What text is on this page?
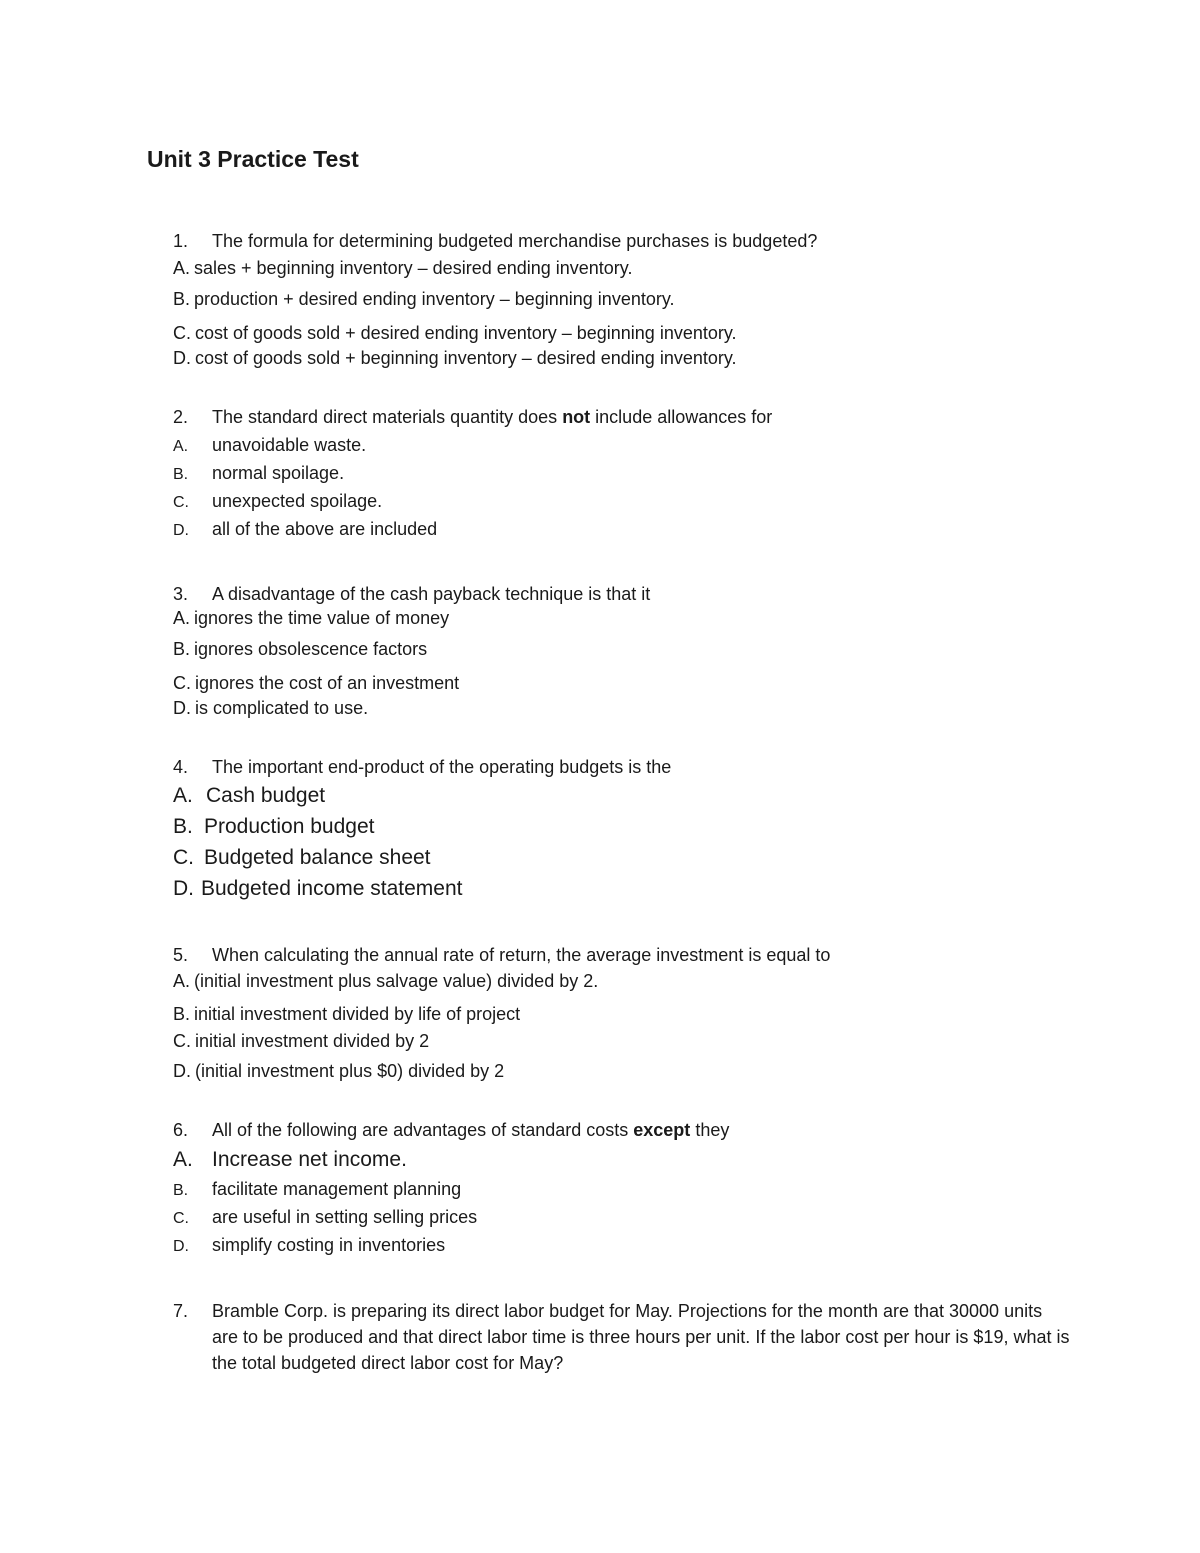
Unit 3 Practice Test
1. The formula for determining budgeted merchandise purchases is budgeted?
A. sales + beginning inventory – desired ending inventory.
B. production + desired ending inventory – beginning inventory.
C. cost of goods sold + desired ending inventory – beginning inventory.
D. cost of goods sold + beginning inventory – desired ending inventory.
2. The standard direct materials quantity does not include allowances for
A. unavoidable waste.
B. normal spoilage.
C. unexpected spoilage.
D. all of the above are included
3. A disadvantage of the cash payback technique is that it
A. ignores the time value of money
B. ignores obsolescence factors
C. ignores the cost of an investment
D. is complicated to use.
4. The important end-product of the operating budgets is the
A. Cash budget
B. Production budget
C. Budgeted balance sheet
D. Budgeted income statement
5. When calculating the annual rate of return, the average investment is equal to
A. (initial investment plus salvage value) divided by 2.
B. initial investment divided by life of project
C. initial investment divided by 2
D. (initial investment plus $0) divided by 2
6. All of the following are advantages of standard costs except they
A. Increase net income.
B. facilitate management planning
C. are useful in setting selling prices
D. simplify costing in inventories
7. Bramble Corp. is preparing its direct labor budget for May. Projections for the month are that 30000 units are to be produced and that direct labor time is three hours per unit. If the labor cost per hour is $19, what is the total budgeted direct labor cost for May?
